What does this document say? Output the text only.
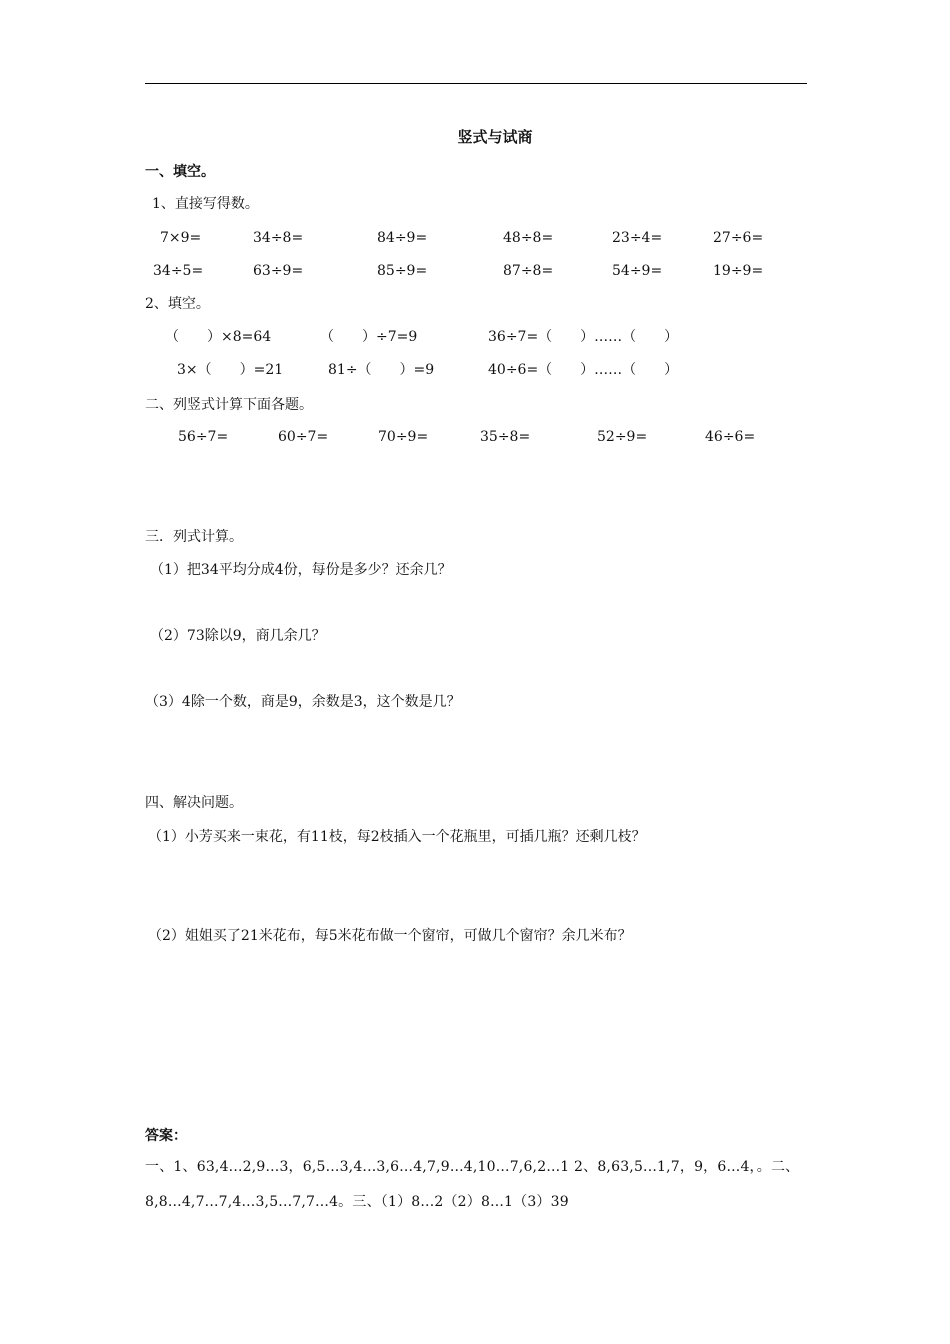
竖式与试商
一、填空。
1、直接写得数。
7×9=	34÷8=	84÷9=	48÷8=	23÷4=	27÷6=
34÷5=	63÷9=	85÷9=	87÷8=	54÷9=	19÷9=
2、填空。
（　　）×8=64	（　　）÷7=9	36÷7=（　　）……（　　）
3×（　　）=21	81÷（　　）=9	40÷6=（　　）……（　　）
二、列竖式计算下面各题。
56÷7=	60÷7=	70÷9=	35÷8=	52÷9=	46÷6=
三．列式计算。
（1）把34平均分成4份，每份是多少？还余几？
（2）73除以9，商几余几？
（3）4除一个数，商是9，余数是3，这个数是几？
四、解决问题。
（1）小芳买来一束花，有11枝，每2枝插入一个花瓶里，可插几瓶？还剩几枝？
（2）姐姐买了21米花布，每5米花布做一个窗帘，可做几个窗帘？余几米布？
答案：
一、1、63,4...2,9...3，6,5...3,4...3,6...4,7,9...4,10...7,6,2...1 2、8,63,5...1,7，9，6...4，。二、8,8...4,7...7,4...3,5...7,7...4。三、（1）8...2（2）8...1（3）39
